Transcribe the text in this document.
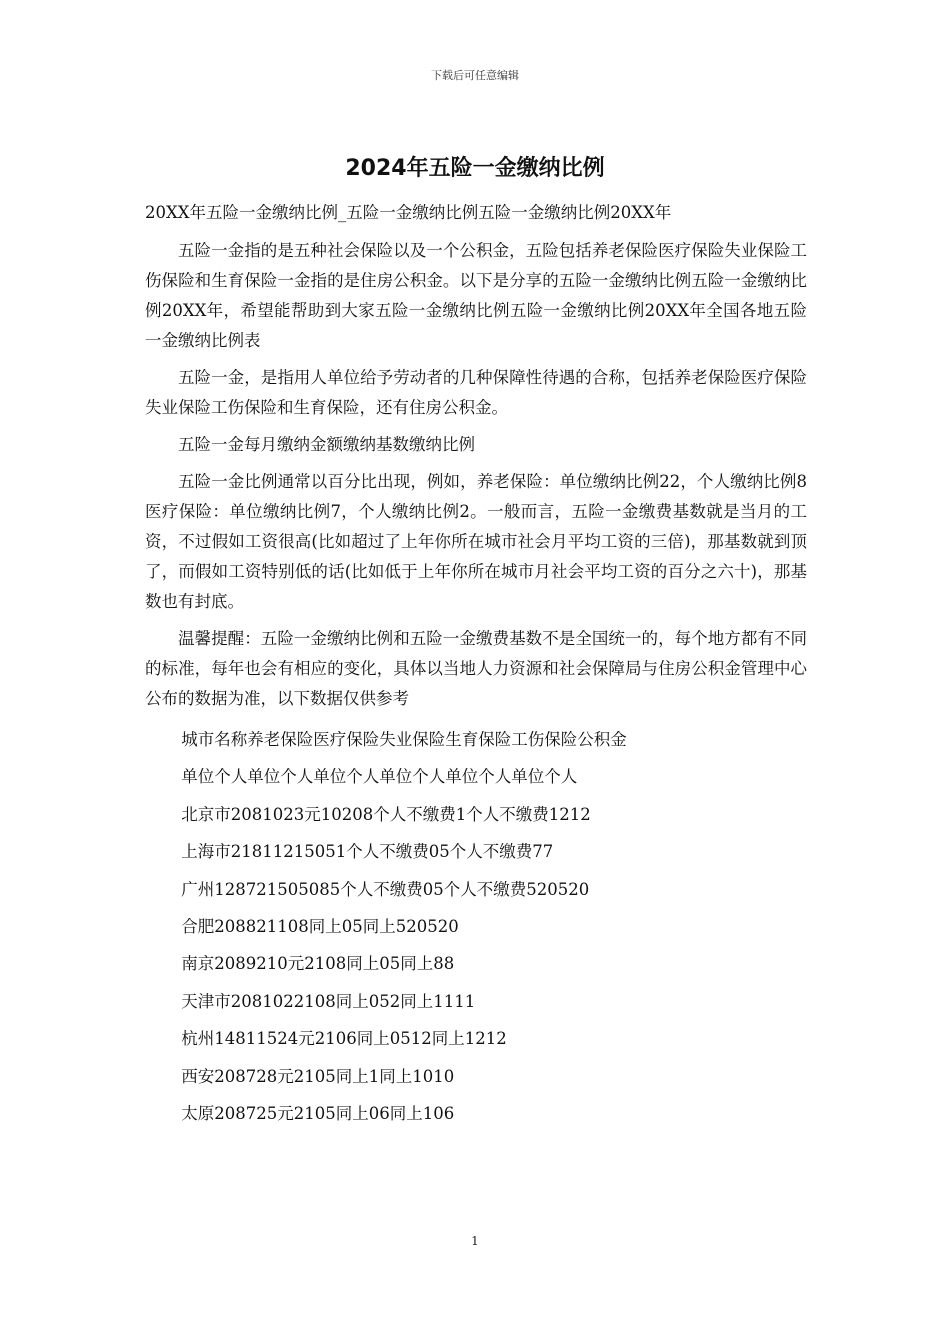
下载后可任意编辑
2024年五险一金缴纳比例

20XX年五险一金缴纳比例_五险一金缴纳比例五险一金缴纳比例20XX年

五险一金指的是五种社会保险以及一个公积金，五险包括养老保险医疗保险失业保险工伤保险和生育保险一金指的是住房公积金。以下是分享的五险一金缴纳比例五险一金缴纳比例20XX年，希望能帮助到大家五险一金缴纳比例五险一金缴纳比例20XX年全国各地五险一金缴纳比例表

五险一金，是指用人单位给予劳动者的几种保障性待遇的合称，包括养老保险医疗保险失业保险工伤保险和生育保险，还有住房公积金。

五险一金每月缴纳金额缴纳基数缴纳比例

五险一金比例通常以百分比出现，例如，养老保险：单位缴纳比例22，个人缴纳比例8医疗保险：单位缴纳比例7，个人缴纳比例2。一般而言，五险一金缴费基数就是当月的工资，不过假如工资很高(比如超过了上年你所在城市社会月平均工资的三倍)，那基数就到顶了，而假如工资特别低的话(比如低于上年你所在城市月社会平均工资的百分之六十)，那基数也有封底。

温馨提醒：五险一金缴纳比例和五险一金缴费基数不是全国统一的，每个地方都有不同的标准，每年也会有相应的变化，具体以当地人力资源和社会保障局与住房公积金管理中心公布的数据为准，以下数据仅供参考

城市名称养老保险医疗保险失业保险生育保险工伤保险公积金
单位个人单位个人单位个人单位个人单位个人单位个人
北京市2081023元10208个人不缴费1个人不缴费1212
上海市21811215051个人不缴费05个人不缴费77
广州128721505085个人不缴费05个人不缴费520520
合肥208821108同上05同上520520
南京2089210元2108同上05同上88
天津市2081022108同上052同上1111
杭州14811524元2106同上0512同上1212
西安208728元2105同上1同上1010
太原208725元2105同上06同上106
1
